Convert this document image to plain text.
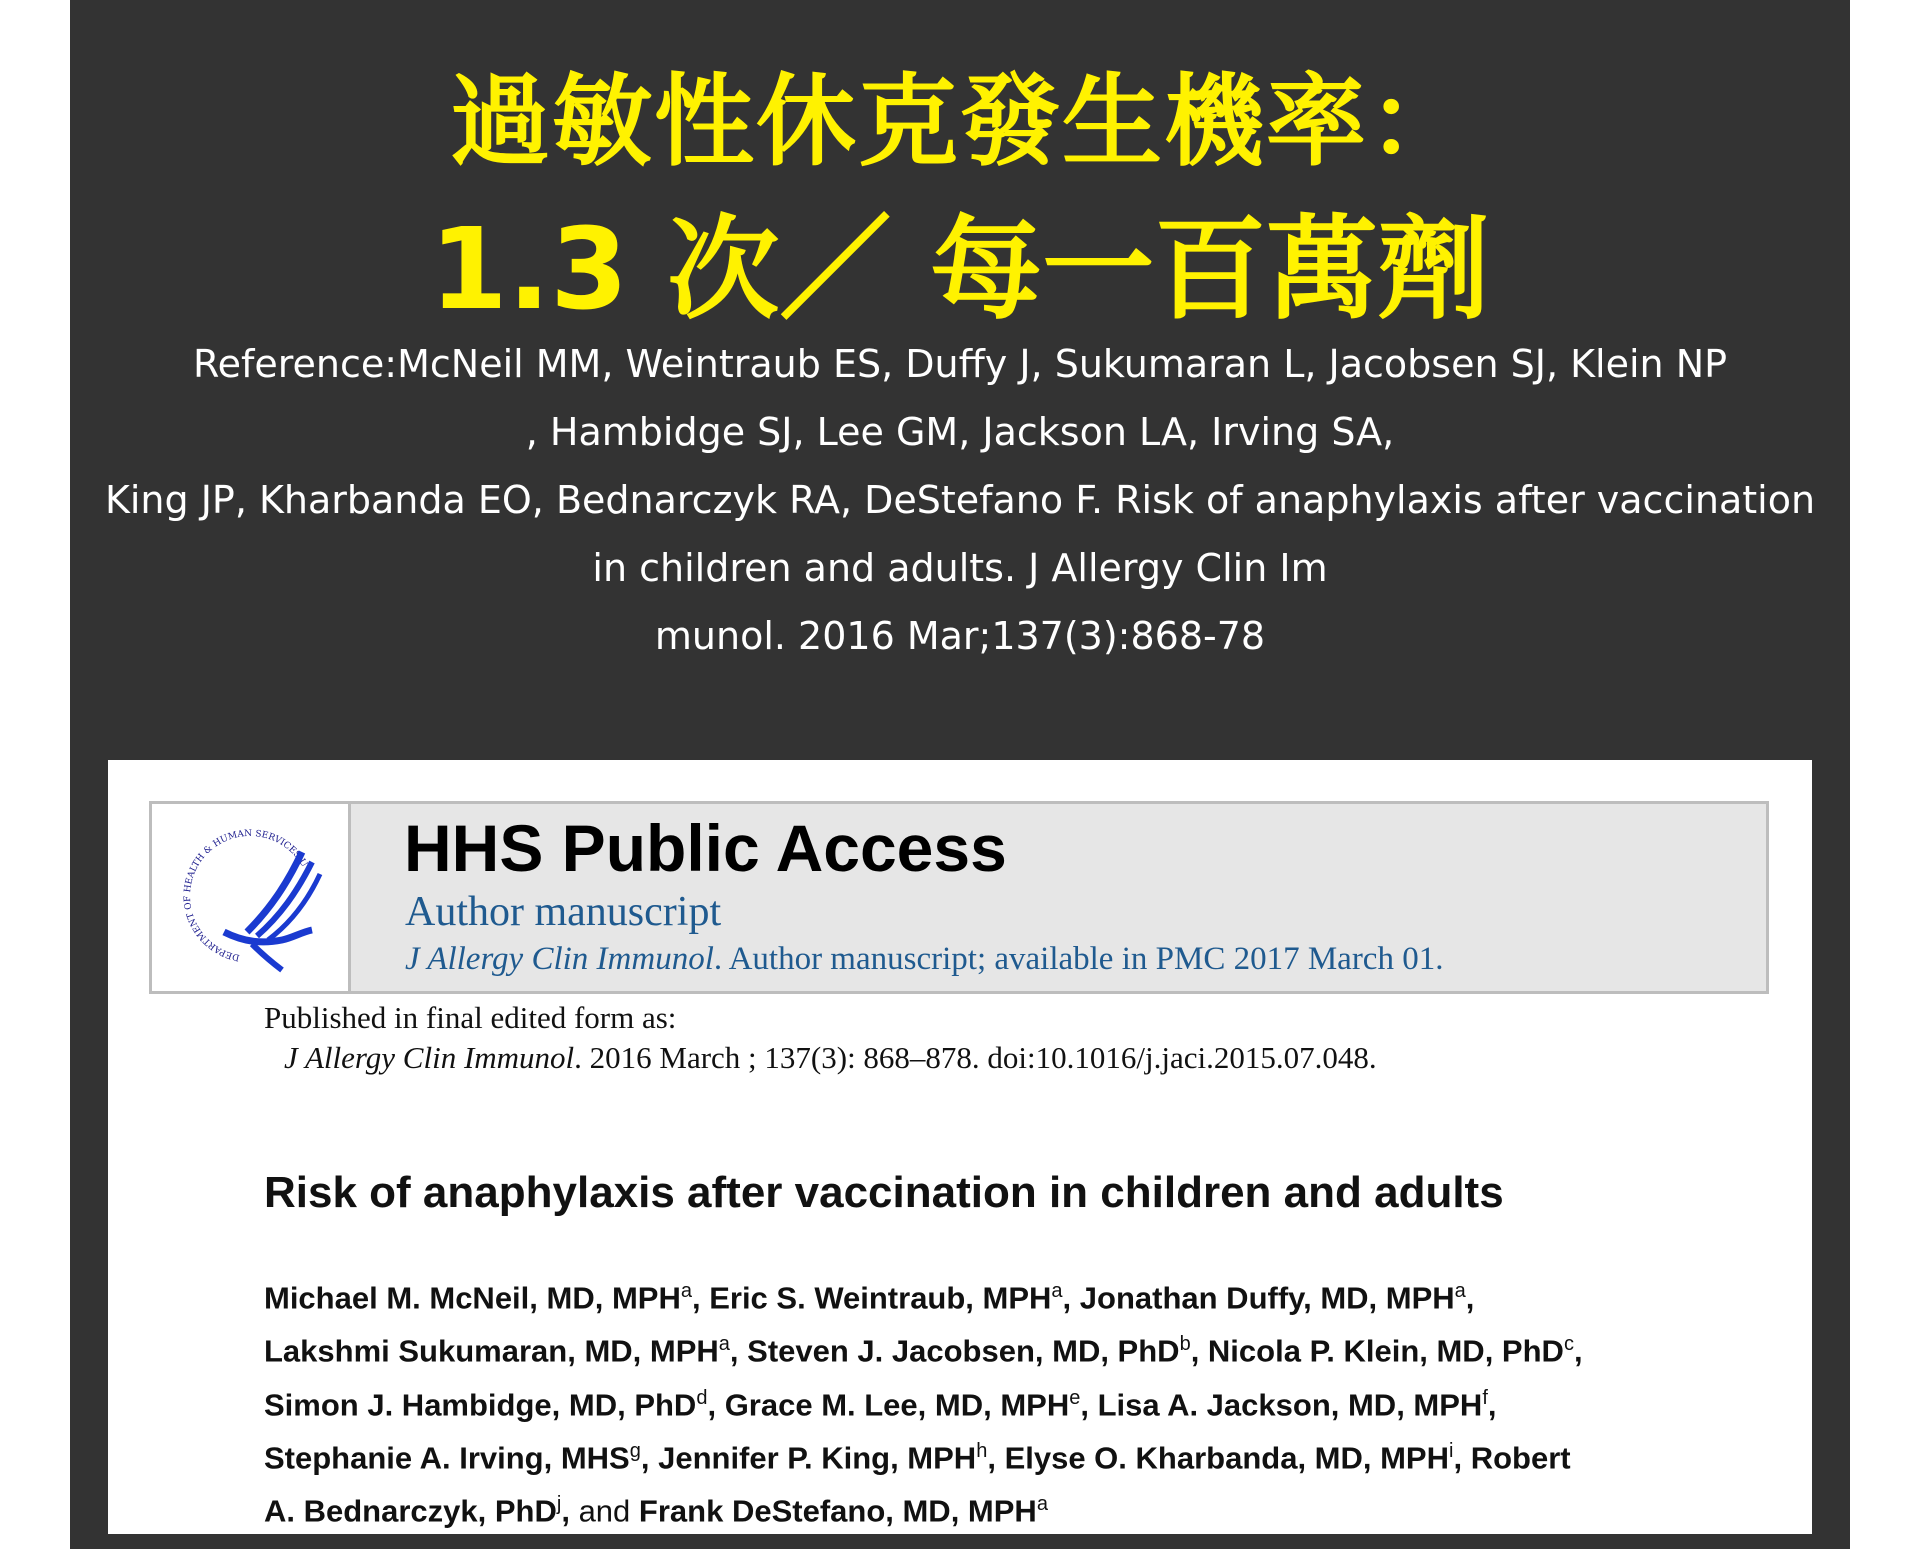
過敏性休克發生機率：
1.3 次／ 每一百萬劑
Reference:McNeil MM, Weintraub ES, Duffy J, Sukumaran L, Jacobsen SJ, Klein NP
, Hambidge SJ, Lee GM, Jackson LA, Irving SA,
King JP, Kharbanda EO, Bednarczyk RA, DeStefano F. Risk of anaphylaxis after vaccination
in children and adults. J Allergy Clin Im
munol. 2016 Mar;137(3):868-78
DEPARTMENT OF HEALTH & HUMAN SERVICES·U HHS Public Access
Author manuscript
J Allergy Clin Immunol. Author manuscript; available in PMC 2017 March 01.
Published in final edited form as:
J Allergy Clin Immunol. 2016 March ; 137(3): 868–878. doi:10.1016/j.jaci.2015.07.048.
Risk of anaphylaxis after vaccination in children and adults
Michael M. McNeil, MD, MPH$^a$, Eric S. Weintraub, MPH$^a$, Jonathan Duffy, MD, MPH$^a$,
Lakshmi Sukumaran, MD, MPH$^a$, Steven J. Jacobsen, MD, PhD$^b$, Nicola P. Klein, MD, PhD$^c$,
Simon J. Hambidge, MD, PhD$^d$, Grace M. Lee, MD, MPH$^e$, Lisa A. Jackson, MD, MPH$^f$,
Stephanie A. Irving, MHS$^g$, Jennifer P. King, MPH$^h$, Elyse O. Kharbanda, MD, MPH$^i$, Robert
A. Bednarczyk, PhD$^j$, and Frank DeStefano, MD, MPH$^a$
